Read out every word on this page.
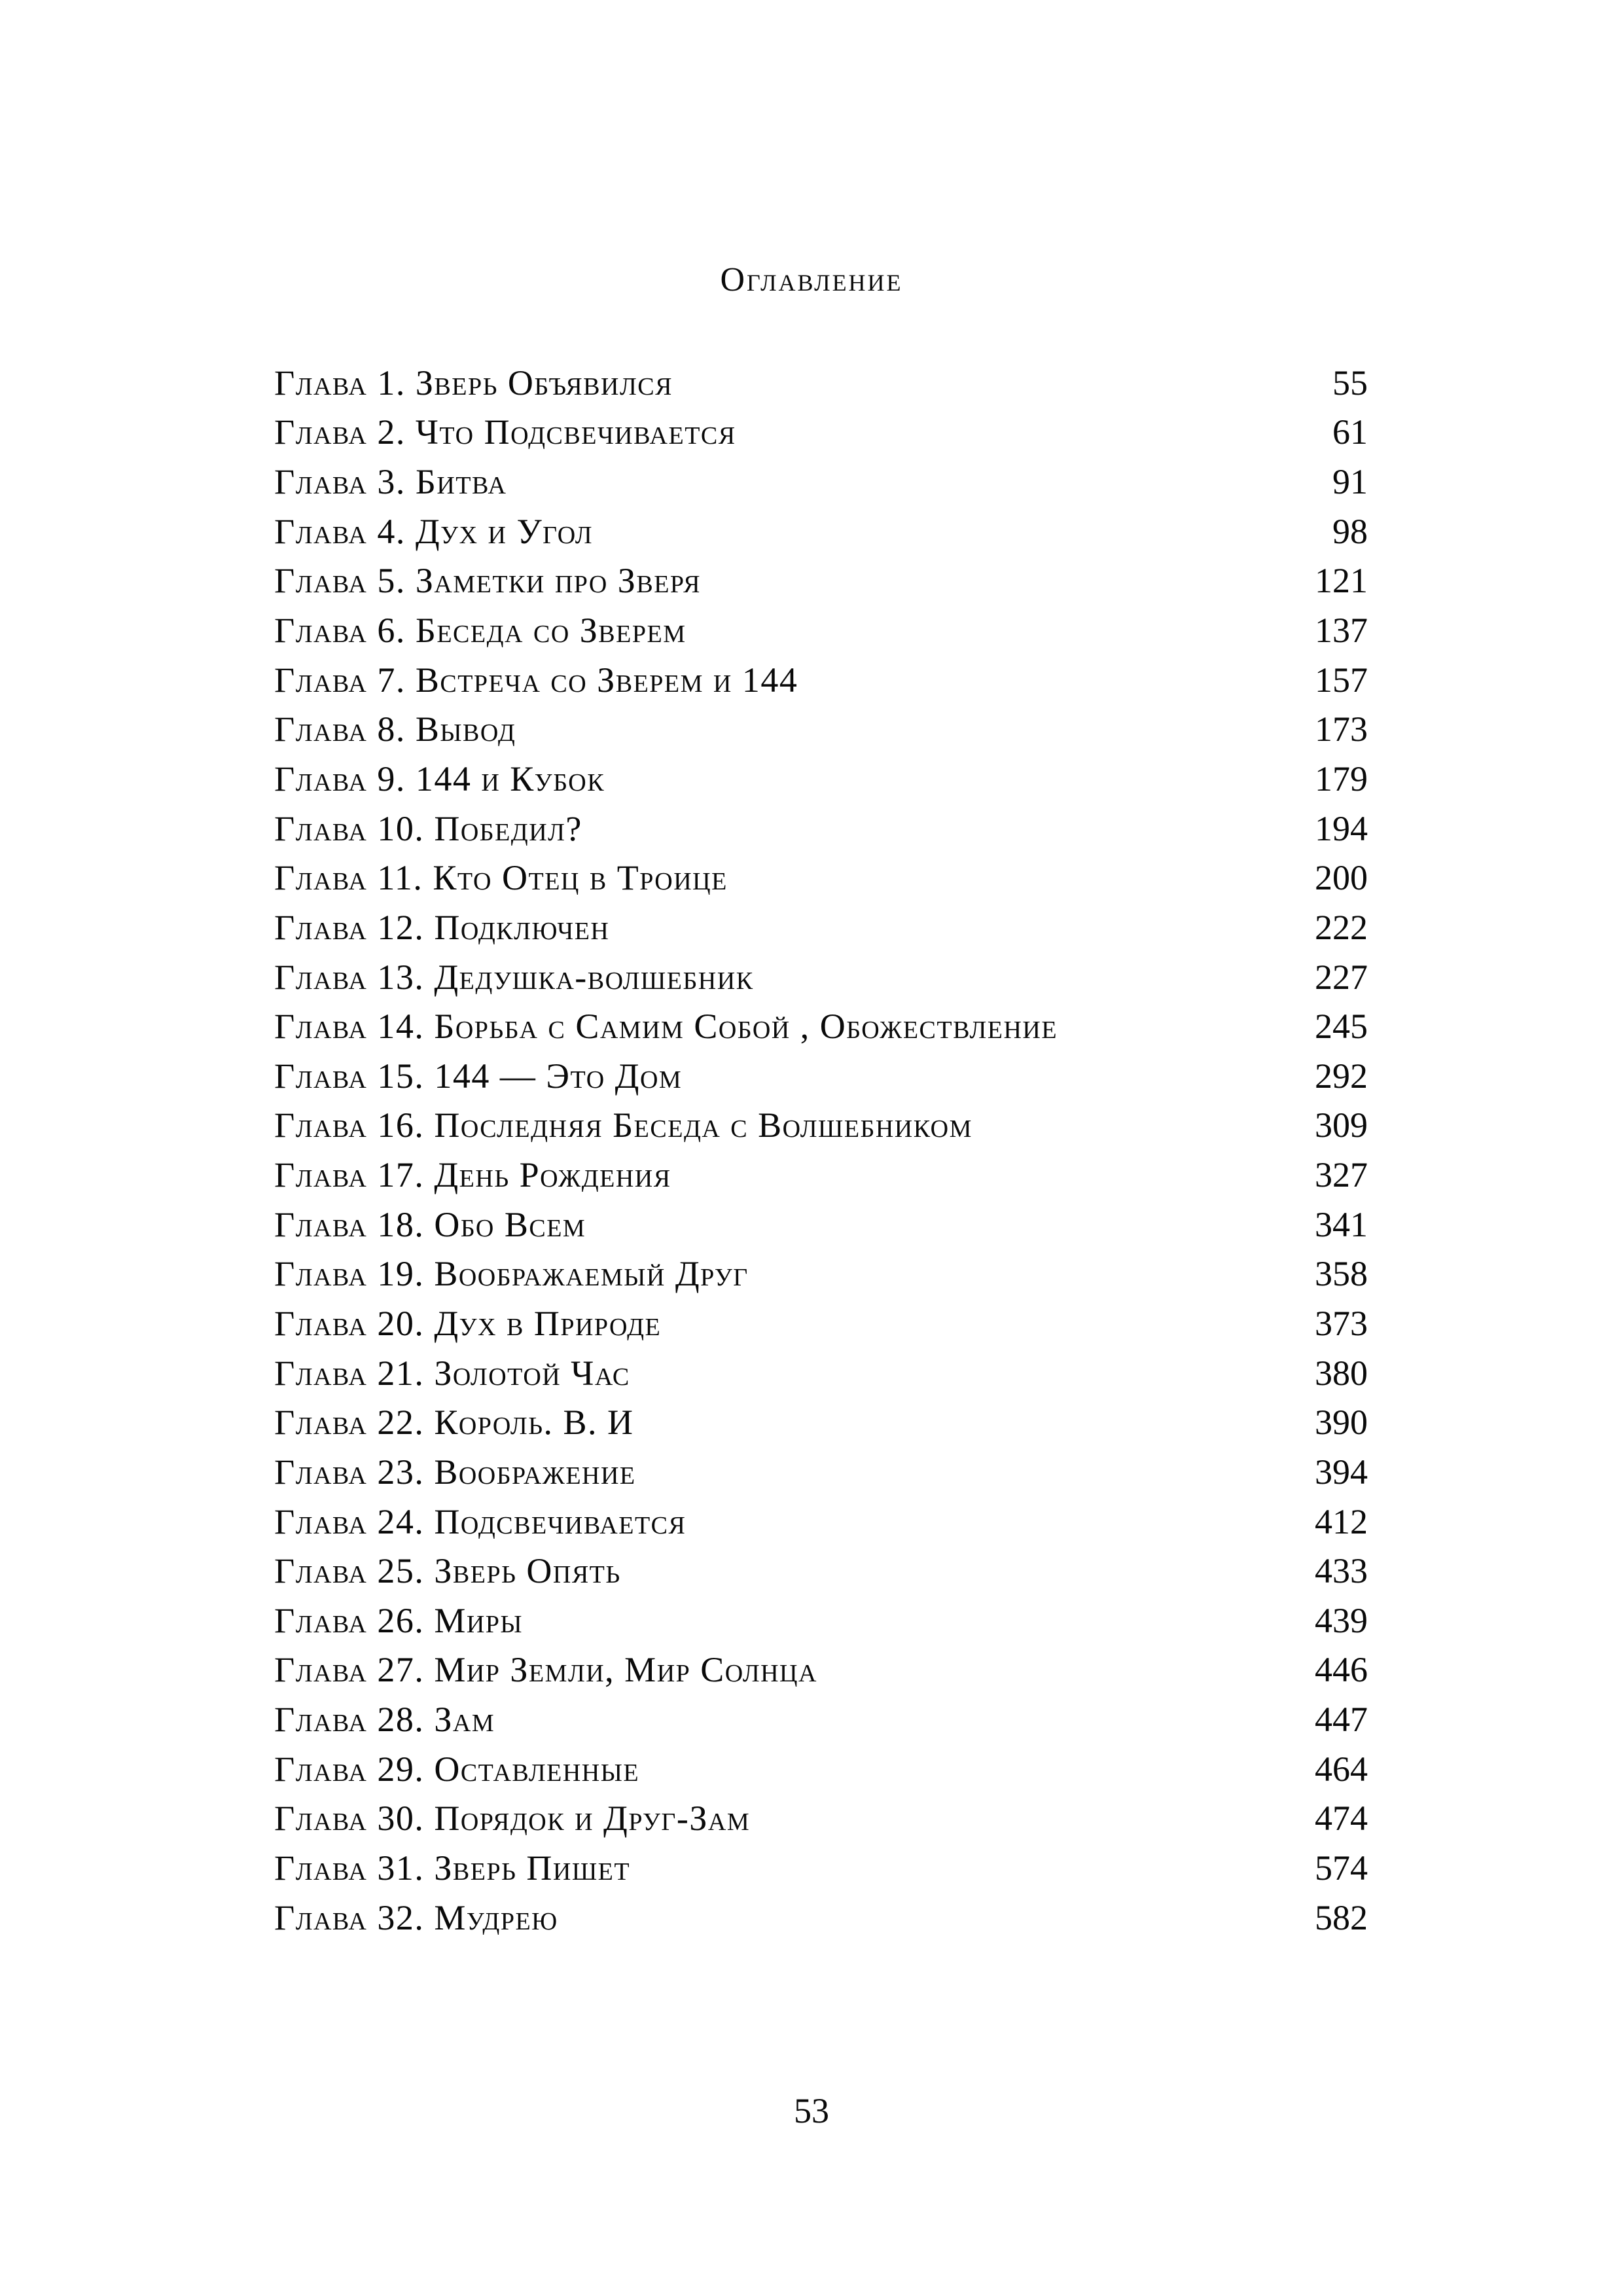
Оглавление
Глава 1. Зверь Объявился	55
Глава 2. Что Подсвечивается	61
Глава 3. Битва	91
Глава 4. Дух и Угол	98
Глава 5. Заметки про Зверя	121
Глава 6. Беседа со Зверем	137
Глава 7. Встреча со Зверем и 144	157
Глава 8. Вывод	173
Глава 9. 144 и Кубок	179
Глава 10. Победил?	194
Глава 11. Кто Отец в Троице	200
Глава 12. Подключен	222
Глава 13. Дедушка-волшебник	227
Глава 14. Борьба с Самим Собой , Обожествление	245
Глава 15. 144 — Это Дом	292
Глава 16. Последняя Беседа с Волшебником	309
Глава 17. День Рождения	327
Глава 18. Обо Всем	341
Глава 19. Воображаемый Друг	358
Глава 20. Дух в Природе	373
Глава 21. Золотой Час	380
Глава 22. Король. В. И	390
Глава 23. Воображение	394
Глава 24. Подсвечивается	412
Глава 25. Зверь Опять	433
Глава 26. Миры	439
Глава 27. Мир Земли, Мир Солнца	446
Глава 28. Зам	447
Глава 29. Оставленные	464
Глава 30. Порядок и Друг-Зам	474
Глава 31. Зверь Пишет	574
Глава 32. Мудрею	582
53
